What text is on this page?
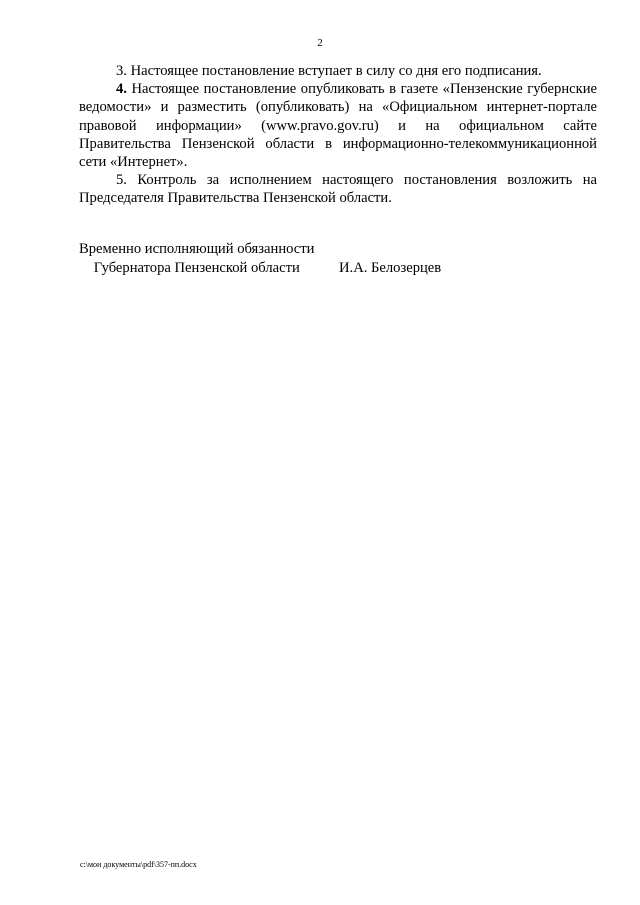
2

3. Настоящее постановление вступает в силу со дня его подписания.

4. Настоящее постановление опубликовать в газете «Пензенские губернские ведомости» и разместить (опубликовать) на «Официальном интернет-портале правовой информации» (www.pravo.gov.ru) и на официальном сайте Правительства Пензенской области в информационно-телекоммуникационной сети «Интернет».

5. Контроль за исполнением настоящего постановления возложить на Председателя Правительства Пензенской области.

Временно исполняющий обязанности
Губернатора Пензенской области	И.А. Белозерцев
c:\мои документы\pdf\357-пп.docx
